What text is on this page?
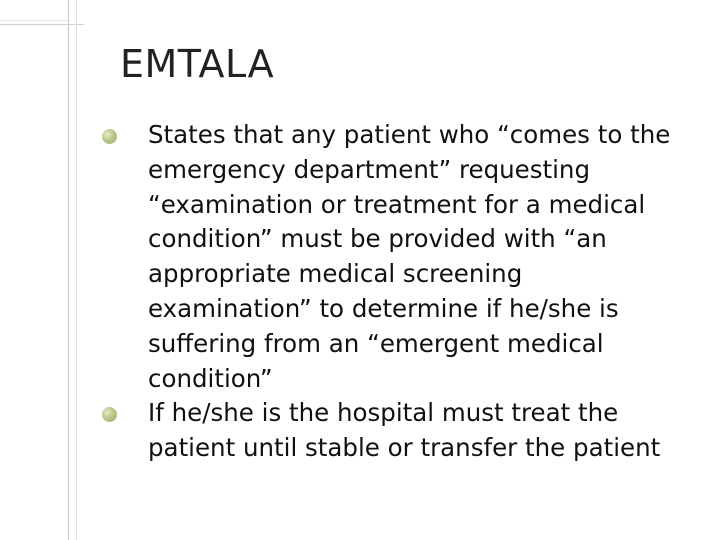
EMTALA
States that any patient who “comes to the
emergency department” requesting
“examination or treatment for a medical
condition” must be provided with “an
appropriate medical screening
examination” to determine if he/she is
suffering from an “emergent medical
condition”
If he/she is the hospital must treat the
patient until stable or transfer the patient
